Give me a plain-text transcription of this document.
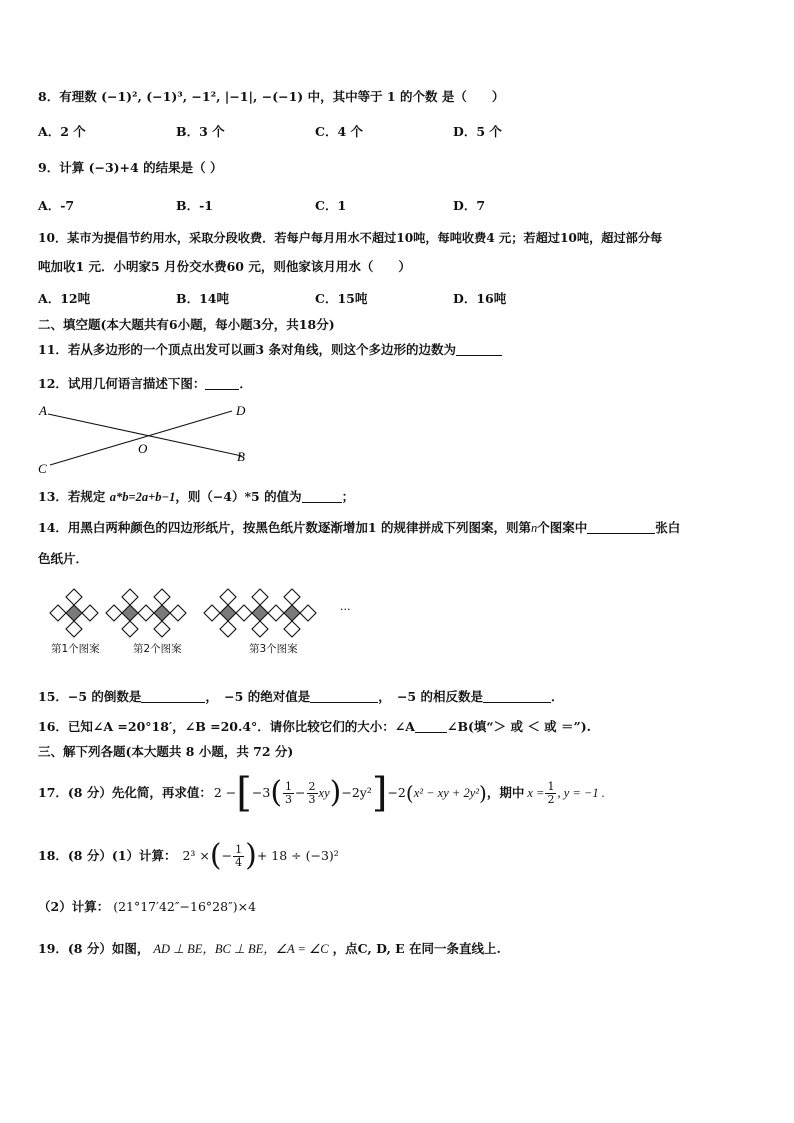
8．有理数 (−1)², (−1)³, −1², |−1|, −(−1) 中，其中等于 1 的个数 是（　　）
A．2 个	B．3 个	C．4 个	D．5 个
9．计算 (−3)+4 的结果是（ ）
A．-7	B．-1	C．1	D．7
10．某市为提倡节约用水，采取分段收费．若每户每月用水不超过10吨，每吨收费4 元；若超过10吨，超过部分每
吨加收1 元．小明家5 月份交水费60 元，则他家该月用水（　　）
A．12吨	B．14吨	C．15吨	D．16吨
二、填空题(本大题共有6小题，每小题3分，共18分)
11．若从多边形的一个顶点出发可以画3 条对角线，则这个多边形的边数为
12．试用几何语言描述下图：	．
A	D
O
B
C
13．若规定 a*b=2a+b−1，则（−4）*5 的值为	；
14．用黑白两种颜色的四边形纸片，按黑色纸片数逐渐增加1 的规律拼成下列图案，则第n个图案中	张白
色纸片．
···
第1个图案	第2个图案	第3个图案
15．−5 的倒数是	，　−5 的绝对值是	，　−5 的相反数是	．
16．已知∠A =20°18′，∠B =20.4°．请你比较它们的大小：∠A	∠B(填“＞ 或 ＜ 或 ＝”).
三、解下列各题(本大题共 8 小题，共 72 分)
17．(8 分）先化简，再求值： 2 − [ −3 ( $\frac{1}{3} - \frac{2}{3}$ xy ) −2y² ] −2 ( x² − xy + 2y² ) ，期中 $x = \frac{1}{2}$ , y = −1 .
18．(8 分）(1）计算： 2³ × ( − $\frac{1}{4}$ ) + 18 ÷ (−3)²
（2）计算： (21°17′42″−16°28″)×4
19．(8 分）如图， AD ⊥ BE，BC ⊥ BE，∠A = ∠C ，点C, D, E 在同一条直线上.
